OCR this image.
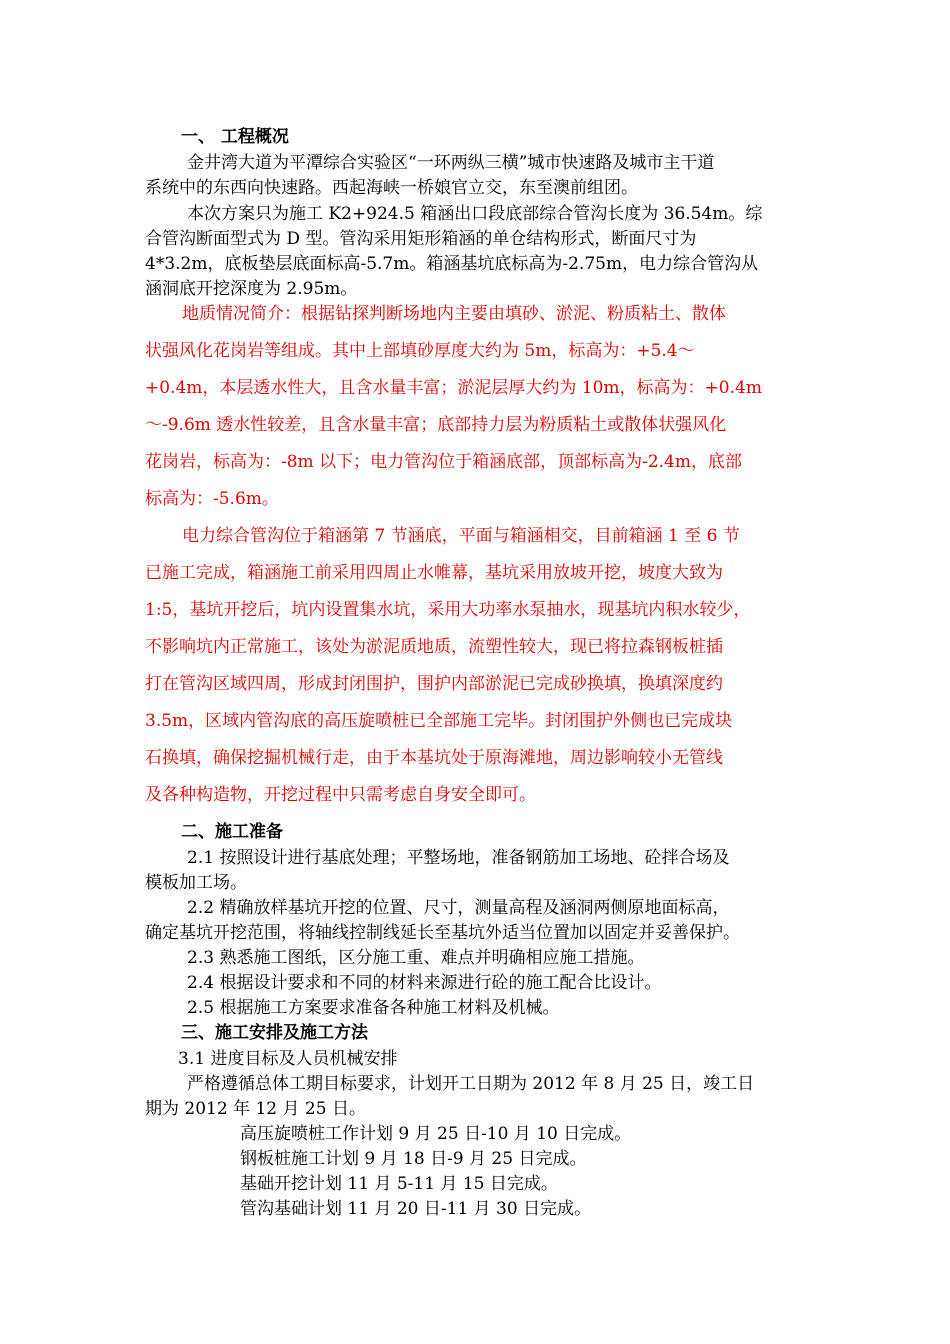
一、 工程概况
金井湾大道为平潭综合实验区“一环两纵三横”城市快速路及城市主干道
系统中的东西向快速路。西起海峡一桥娘官立交，东至澳前组团。
本次方案只为施工 K2+924.5 箱涵出口段底部综合管沟长度为 36.54m。综
合管沟断面型式为 D 型。管沟采用矩形箱涵的单仓结构形式，断面尺寸为
4*3.2m，底板垫层底面标高-5.7m。箱涵基坑底标高为-2.75m，电力综合管沟从
涵洞底开挖深度为 2.95m。
地质情况简介：根据钻探判断场地内主要由填砂、淤泥、粉质粘土、散体
状强风化花岗岩等组成。其中上部填砂厚度大约为 5m，标高为：+5.4～
+0.4m，本层透水性大，且含水量丰富；淤泥层厚大约为 10m，标高为：+0.4m
～-9.6m 透水性较差，且含水量丰富；底部持力层为粉质粘土或散体状强风化
花岗岩，标高为：-8m 以下；电力管沟位于箱涵底部，顶部标高为-2.4m，底部
标高为：-5.6m。
电力综合管沟位于箱涵第 7 节涵底，平面与箱涵相交，目前箱涵 1 至 6 节
已施工完成，箱涵施工前采用四周止水帷幕，基坑采用放坡开挖，坡度大致为
1:5，基坑开挖后，坑内设置集水坑，采用大功率水泵抽水，现基坑内积水较少，
不影响坑内正常施工，该处为淤泥质地质，流塑性较大，现已将拉森钢板桩插
打在管沟区域四周，形成封闭围护，围护内部淤泥已完成砂换填，换填深度约
3.5m，区域内管沟底的高压旋喷桩已全部施工完毕。封闭围护外侧也已完成块
石换填，确保挖掘机械行走，由于本基坑处于原海滩地，周边影响较小无管线
及各种构造物，开挖过程中只需考虑自身安全即可。
二、施工准备
2.1 按照设计进行基底处理；平整场地，准备钢筋加工场地、砼拌合场及
模板加工场。
2.2 精确放样基坑开挖的位置、尺寸，测量高程及涵洞两侧原地面标高，
确定基坑开挖范围，将轴线控制线延长至基坑外适当位置加以固定并妥善保护。
2.3 熟悉施工图纸，区分施工重、难点并明确相应施工措施。
2.4 根据设计要求和不同的材料来源进行砼的施工配合比设计。
2.5 根据施工方案要求准备各种施工材料及机械。
三、施工安排及施工方法
3.1 进度目标及人员机械安排
严格遵循总体工期目标要求，计划开工日期为 2012 年 8 月 25 日，竣工日
期为 2012 年 12 月 25 日。
高压旋喷桩工作计划 9 月 25 日-10 月 10 日完成。
钢板桩施工计划 9 月 18 日-9 月 25 日完成。
基础开挖计划 11 月 5-11 月 15 日完成。
管沟基础计划 11 月 20 日-11 月 30 日完成。
